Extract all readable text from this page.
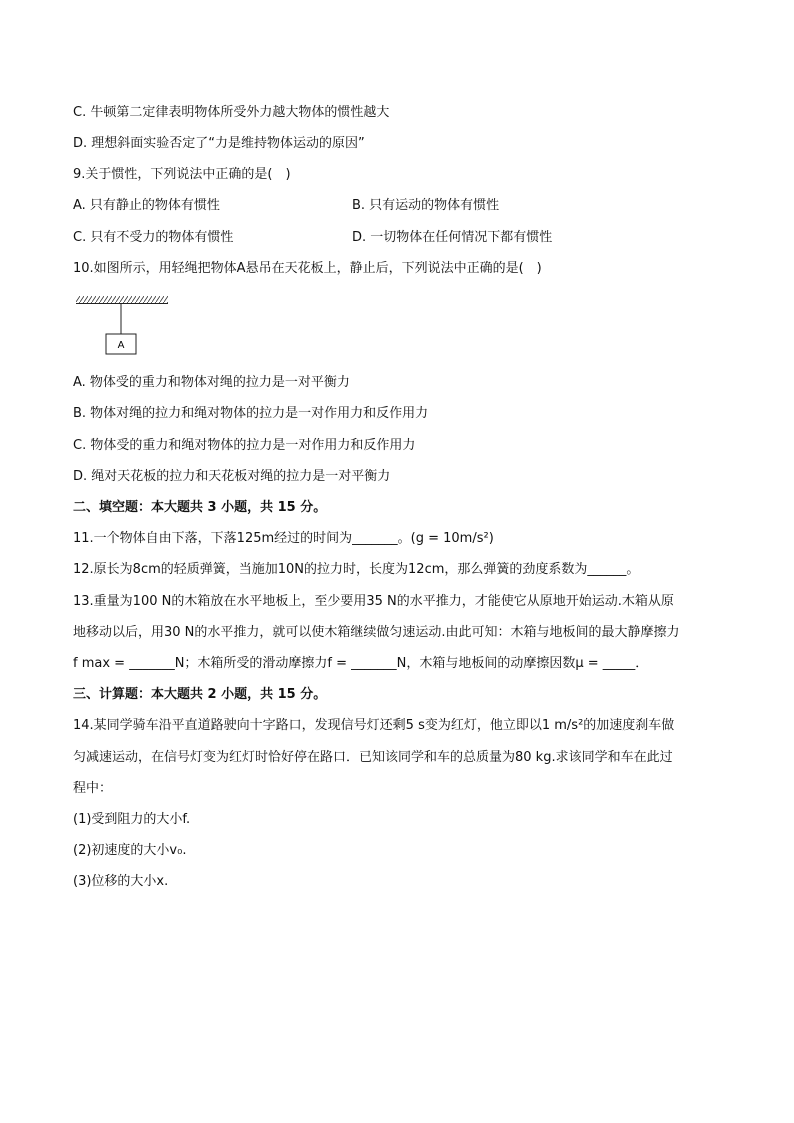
C. 牛顿第二定律表明物体所受外力越大物体的惯性越大
D. 理想斜面实验否定了“力是维持物体运动的原因”
9.关于惯性，下列说法中正确的是(　)
A. 只有静止的物体有惯性	B. 只有运动的物体有惯性
C. 只有不受力的物体有惯性	D. 一切物体在任何情况下都有惯性
10.如图所示，用轻绳把物体A悬吊在天花板上，静止后，下列说法中正确的是(　)
A
A. 物体受的重力和物体对绳的拉力是一对平衡力
B. 物体对绳的拉力和绳对物体的拉力是一对作用力和反作用力
C. 物体受的重力和绳对物体的拉力是一对作用力和反作用力
D. 绳对天花板的拉力和天花板对绳的拉力是一对平衡力
二、填空题：本大题共 3 小题，共 15 分。
11.一个物体自由下落，下落125m经过的时间为_______。(g = 10m/s²)
12.原长为8cm的轻质弹簧，当施加10N的拉力时，长度为12cm，那么弹簧的劲度系数为______。
13.重量为100 N的木箱放在水平地板上，至少要用35 N的水平推力，才能使它从原地开始运动.木箱从原
地移动以后，用30 N的水平推力，就可以使木箱继续做匀速运动.由此可知：木箱与地板间的最大静摩擦力
f max = _______N；木箱所受的滑动摩擦力f = _______N，木箱与地板间的动摩擦因数μ = _____．
三、计算题：本大题共 2 小题，共 15 分。
14.某同学骑车沿平直道路驶向十字路口，发现信号灯还剩5 s变为红灯，他立即以1 m/s²的加速度刹车做
匀减速运动，在信号灯变为红灯时恰好停在路口．已知该同学和车的总质量为80 kg.求该同学和车在此过
程中：
(1)受到阻力的大小f.
(2)初速度的大小v₀.
(3)位移的大小x.
